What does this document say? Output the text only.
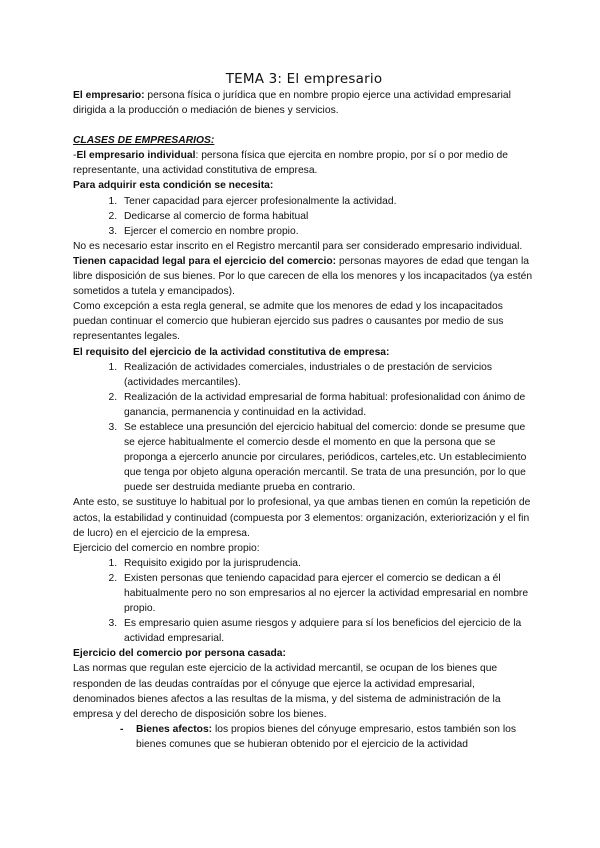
TEMA 3: El empresario

El empresario: persona física o jurídica que en nombre propio ejerce una actividad empresarial dirigida a la producción o mediación de bienes y servicios.

CLASES DE EMPRESARIOS:

-El empresario individual: persona física que ejercita en nombre propio, por sí o por medio de representante, una actividad constitutiva de empresa.

Para adquirir esta condición se necesita:

1. Tener capacidad para ejercer profesionalmente la actividad.
2. Dedicarse al comercio de forma habitual
3. Ejercer el comercio en nombre propio.

No es necesario estar inscrito en el Registro mercantil para ser considerado empresario individual.

Tienen capacidad legal para el ejercicio del comercio: personas mayores de edad que tengan la libre disposición de sus bienes. Por lo que carecen de ella los menores y los incapacitados (ya estén sometidos a tutela y emancipados).

Como excepción a esta regla general, se admite que los menores de edad y los incapacitados puedan continuar el comercio que hubieran ejercido sus padres o causantes por medio de sus representantes legales.

El requisito del ejercicio de la actividad constitutiva de empresa:

1. Realización de actividades comerciales, industriales o de prestación de servicios (actividades mercantiles).
2. Realización de la actividad empresarial de forma habitual: profesionalidad con ánimo de ganancia, permanencia y continuidad en la actividad.
3. Se establece una presunción del ejercicio habitual del comercio: donde se presume que se ejerce habitualmente el comercio desde el momento en que la persona que se proponga a ejercerlo anuncie por circulares, periódicos, carteles,etc. Un establecimiento que tenga por objeto alguna operación mercantil. Se trata de una presunción, por lo que puede ser destruida mediante prueba en contrario.

Ante esto, se sustituye lo habitual por lo profesional, ya que ambas tienen en común la repetición de actos, la estabilidad y continuidad (compuesta por 3 elementos: organización, exteriorización y el fin de lucro) en el ejercicio de la empresa.

Ejercicio del comercio en nombre propio:

1. Requisito exigido por la jurisprudencia.
2. Existen personas que teniendo capacidad para ejercer el comercio se dedican a él habitualmente pero no son empresarios al no ejercer la actividad empresarial en nombre propio.
3. Es empresario quien asume riesgos y adquiere para sí los beneficios del ejercicio de la actividad empresarial.

Ejercicio del comercio por persona casada:

Las normas que regulan este ejercicio de la actividad mercantil, se ocupan de los bienes que responden de las deudas contraídas por el cónyuge que ejerce la actividad empresarial, denominados bienes afectos a las resultas de la misma, y del sistema de administración de la empresa y del derecho de disposición sobre los bienes.

- Bienes afectos: los propios bienes del cónyuge empresario, estos también son los bienes comunes que se hubieran obtenido por el ejercicio de la actividad
